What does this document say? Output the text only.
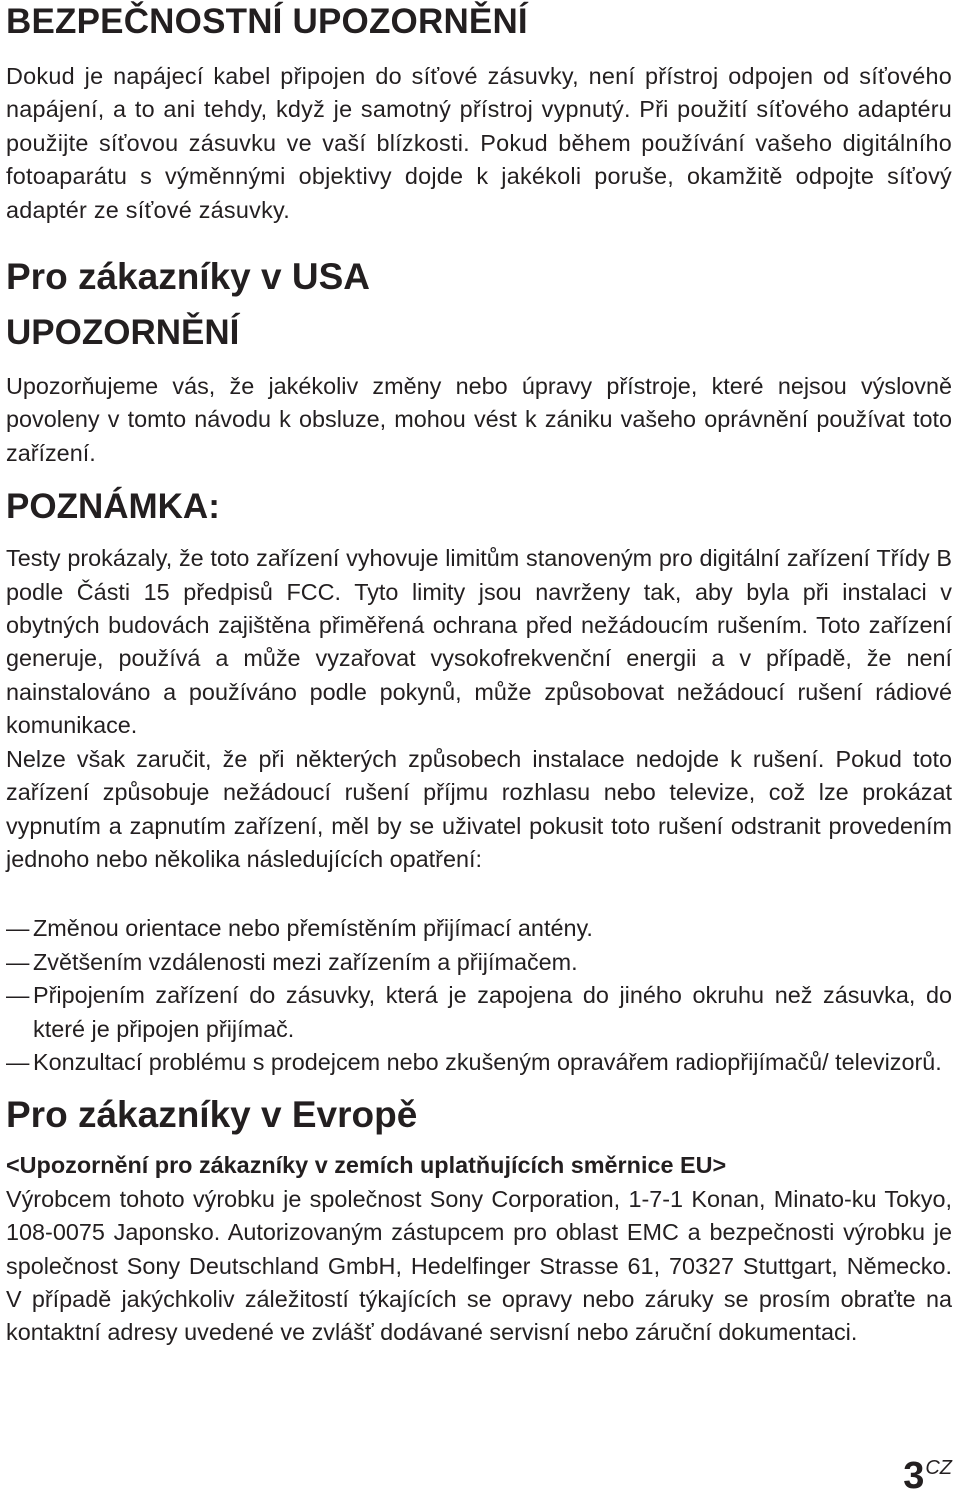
BEZPEČNOSTNÍ UPOZORNĚNÍ

Dokud je napájecí kabel připojen do síťové zásuvky, není přístroj odpojen od síťového napájení, a to ani tehdy, když je samotný přístroj vypnutý. Při použití síťového adaptéru použijte síťovou zásuvku ve vaší blízkosti. Pokud během používání vašeho digitálního fotoaparátu s výměnnými objektivy dojde k jakékoli poruše, okamžitě odpojte síťový adaptér ze síťové zásuvky.

Pro zákazníky v USA
UPOZORNĚNÍ

Upozorňujeme vás, že jakékoliv změny nebo úpravy přístroje, které nejsou výslovně povoleny v tomto návodu k obsluze, mohou vést k zániku vašeho oprávnění používat toto zařízení.

POZNÁMKA:

Testy prokázaly, že toto zařízení vyhovuje limitům stanoveným pro digitální zařízení Třídy B podle Části 15 předpisů FCC. Tyto limity jsou navrženy tak, aby byla při instalaci v obytných budovách zajištěna přiměřená ochrana před nežádoucím rušením. Toto zařízení generuje, používá a může vyzařovat vysokofrekvenční energii a v případě, že není nainstalováno a používáno podle pokynů, může způsobovat nežádoucí rušení rádiové komunikace.

Nelze však zaručit, že při některých způsobech instalace nedojde k rušení. Pokud toto zařízení způsobuje nežádoucí rušení příjmu rozhlasu nebo televize, což lze prokázat vypnutím a zapnutím zařízení, měl by se uživatel pokusit toto rušení odstranit provedením jednoho nebo několika následujících opatření:

— Změnou orientace nebo přemístěním přijímací antény.
— Zvětšením vzdálenosti mezi zařízením a přijímačem.
— Připojením zařízení do zásuvky, která je zapojena do jiného okruhu než zásuvka, do které je připojen přijímač.
— Konzultací problému s prodejcem nebo zkušeným opravářem radiopřijímačů/ televizorů.
Pro zákazníky v Evropě

<Upozornění pro zákazníky v zemích uplatňujících směrnice EU>

Výrobcem tohoto výrobku je společnost Sony Corporation, 1-7-1 Konan, Minato-ku Tokyo, 108-0075 Japonsko. Autorizovaným zástupcem pro oblast EMC a bezpečnosti výrobku je společnost Sony Deutschland GmbH, Hedelfinger Strasse 61, 70327 Stuttgart, Německo. V případě jakýchkoliv záležitostí týkajících se opravy nebo záruky se prosím obraťte na kontaktní adresy uvedené ve zvlášť dodávané servisní nebo záruční dokumentaci.

$3^{CZ}$
